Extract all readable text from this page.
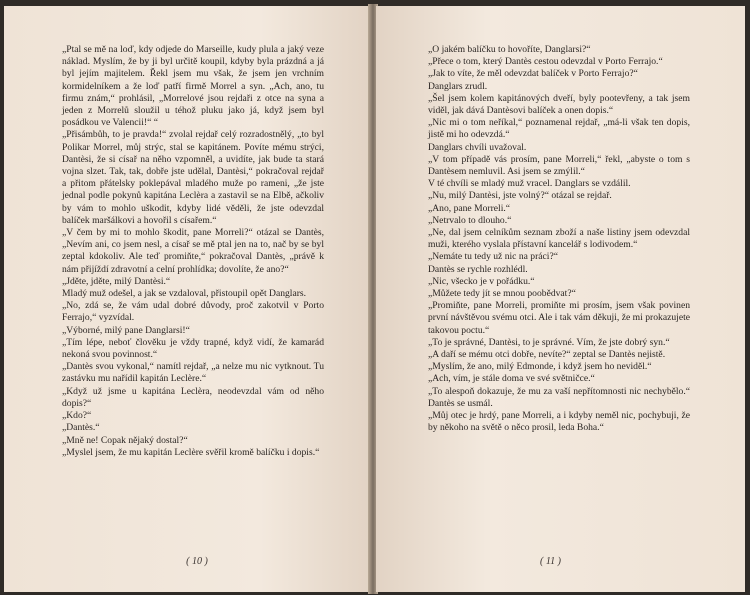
„Ptal se mě na loď, kdy odjede do Marseille, kudy plula a jaký veze náklad. Myslím, že by ji byl určitě koupil, kdyby byla prázdná a já byl jejím majitelem. Řekl jsem mu však, že jsem jen vrchním kormidelníkem a že loď patří firmě Morrel a syn. „Ach, ano, tu firmu znám,“ prohlásil, „Morrelové jsou rejdaři z otce na syna a jeden z Morrelů sloužil u téhož pluku jako já, když jsem byl posádkou ve Valencii!“ “

„Přisámbůh, to je pravda!“ zvolal rejdař celý rozradostnělý, „to byl Polikar Morrel, můj strýc, stal se kapitánem. Povíte mému strýci, Dantèsi, že si císař na něho vzpomněl, a uvidíte, jak bude ta stará vojna slzet. Tak, tak, dobře jste udělal, Dantèsi,“ pokračoval rejdař a přitom přátelsky poklepával mladého muže po rameni, „že jste jednal podle pokynů kapitána Leclèra a zastavil se na Elbě, ačkoliv by vám to mohlo uškodit, kdyby lidé věděli, že jste odevzdal balíček maršálkovi a hovořil s císařem.“

„V čem by mi to mohlo škodit, pane Morreli?“ otázal se Dantès, „Nevím ani, co jsem nesl, a císař se mě ptal jen na to, nač by se byl zeptal kdokoliv. Ale teď promiňte,“ pokračoval Dantès, „právě k nám přijíždí zdravotní a celní prohlídka; dovolíte, že ano?“

„Jděte, jděte, milý Dantèsi.“

Mladý muž odešel, a jak se vzdaloval, přistoupil opět Danglars.

„No, zdá se, že vám udal dobré důvody, proč zakotvil v Porto Ferrajo,“ vyzvídal.

„Výborné, milý pane Danglarsi!“

„Tím lépe, neboť člověku je vždy trapné, když vidí, že kamarád nekoná svou povinnost.“

„Dantès svou vykonal,“ namítl rejdař, „a nelze mu nic vytknout. Tu zastávku mu nařídil kapitán Leclère.“

„Když už jsme u kapitána Leclèra, neodevzdal vám od něho dopis?“

„Kdo?“

„Dantès.“

„Mně ne! Copak nějaký dostal?“

„Myslel jsem, že mu kapitán Leclère svěřil kromě balíčku i dopis.“

( 10 )

„O jakém balíčku to hovoříte, Danglarsi?“

„Přece o tom, který Dantès cestou odevzdal v Porto Ferrajo.“

„Jak to víte, že měl odevzdat balíček v Porto Ferrajo?“

Danglars zrudl.

„Šel jsem kolem kapitánových dveří, byly pootevřeny, a tak jsem viděl, jak dává Dantèsovi balíček a onen dopis.“

„Nic mi o tom neříkal,“ poznamenal rejdař, „má-li však ten dopis, jistě mi ho odevzdá.“

Danglars chvíli uvažoval.

„V tom případě vás prosím, pane Morreli,“ řekl, „abyste o tom s Dantèsem nemluvil. Asi jsem se zmýlil.“

V té chvíli se mladý muž vracel. Danglars se vzdálil.

„Nu, milý Dantèsi, jste volný?“ otázal se rejdař.

„Ano, pane Morreli.“

„Netrvalo to dlouho.“

„Ne, dal jsem celníkům seznam zboží a naše listiny jsem odevzdal muži, kterého vyslala přístavní kancelář s lodivodem.“

„Nemáte tu tedy už nic na práci?“

Dantès se rychle rozhlédl.

„Nic, všecko je v pořádku.“

„Můžete tedy jít se mnou poobědvat?“

„Promiňte, pane Morreli, promiňte mi prosím, jsem však povinen první návštěvou svému otci. Ale i tak vám děkuji, že mi prokazujete takovou poctu.“

„To je správné, Dantèsi, to je správné. Vím, že jste dobrý syn.“

„A daří se mému otci dobře, nevíte?“ zeptal se Dantès nejistě.

„Myslím, že ano, milý Edmonde, i když jsem ho neviděl.“

„Ach, vím, je stále doma ve své světničce.“

„To alespoň dokazuje, že mu za vaší nepřítomnosti nic nechybělo.“ Dantès se usmál.

„Můj otec je hrdý, pane Morreli, a i kdyby neměl nic, pochybuji, že by někoho na světě o něco prosil, leda Boha.“

( 11 )
